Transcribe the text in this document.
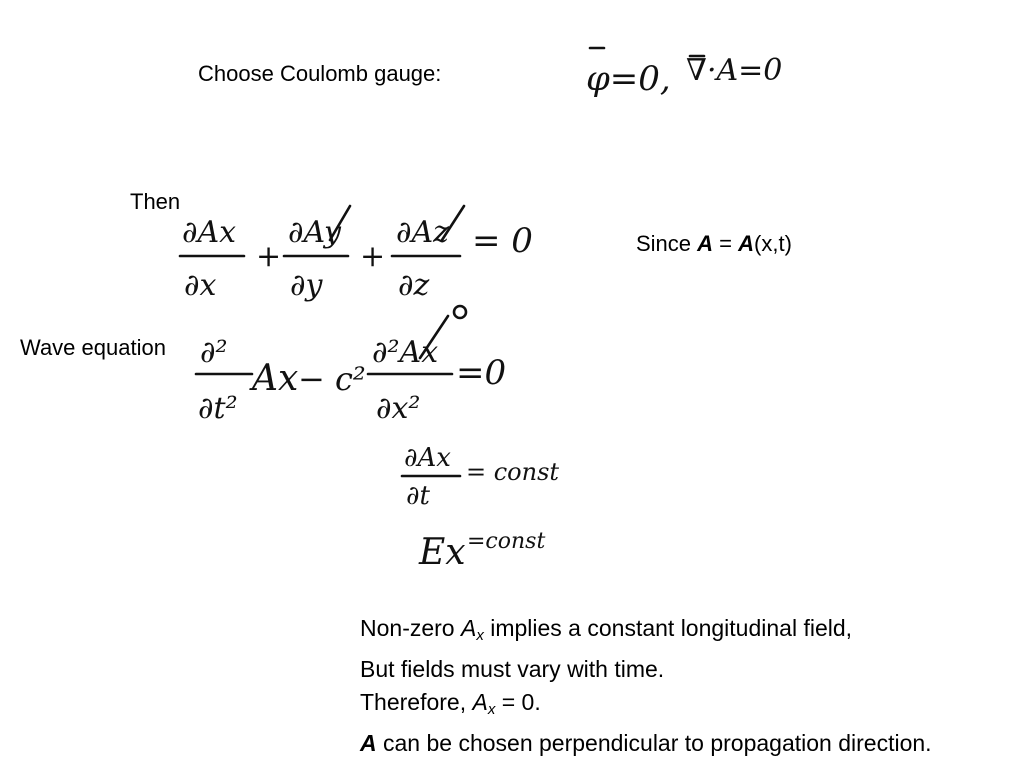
Choose Coulomb gauge:	φ=0, ∇·A=0
Then
∂Ax
∂x
+
∂Ay
∂y
+
∂Az
∂z
= 0	Since A = A(x,t)
Wave equation ∂²
∂t²
Ax − c²
∂²Ax
∂x²
=0
∂Ax
∂t
= const
Ex =const
Non-zero $A_x$ implies a constant longitudinal field,
But fields must vary with time.
Therefore, $A_x = 0$.
A can be chosen perpendicular to propagation direction.
